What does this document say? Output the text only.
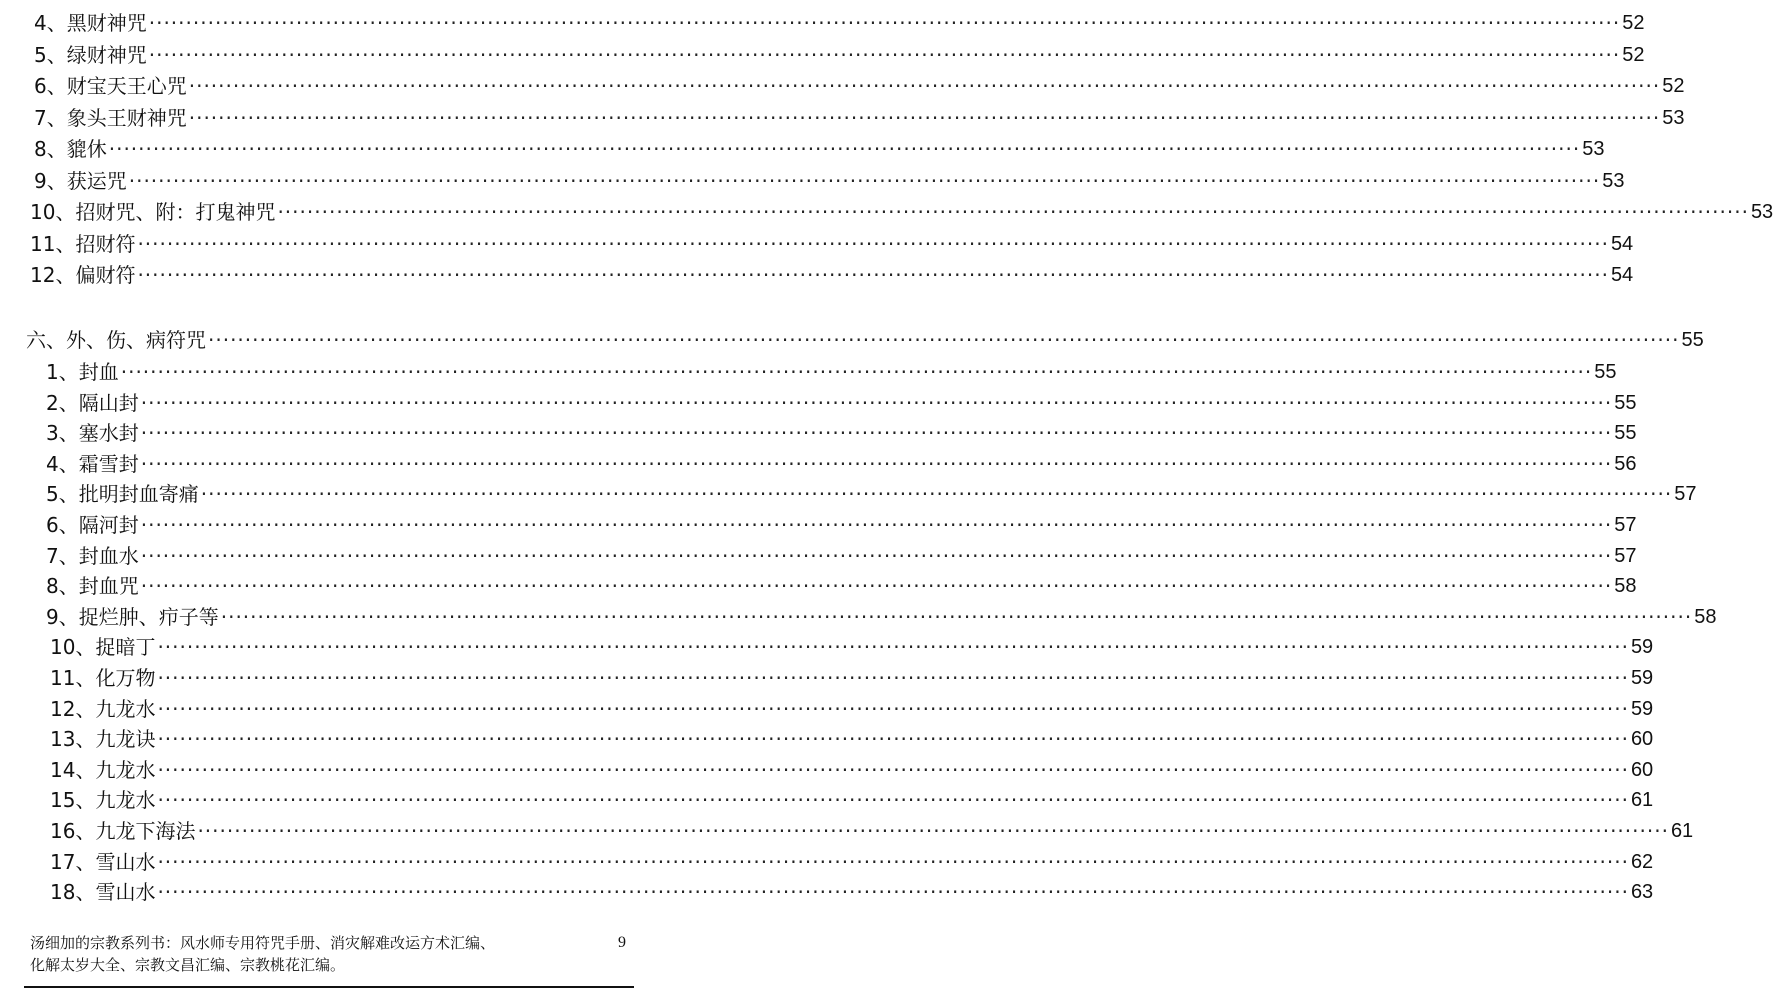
4、黑财神咒 ········································································································································································································ 52
5、绿财神咒 ········································································································································································································ 52
6、财宝天王心咒 ········································································································································································································ 52
7、象头王财神咒 ········································································································································································································ 53
8、貔休 ········································································································································································································ 53
9、获运咒 ········································································································································································································ 53
10、招财咒、附：打鬼神咒 ········································································································································································································ 53
11、招财符 ········································································································································································································ 54
12、偏财符 ········································································································································································································ 54
六、外、伤、病符咒 ········································································································································································································ 55
1、封血 ········································································································································································································ 55
2、隔山封 ········································································································································································································ 55
3、塞水封 ········································································································································································································ 55
4、霜雪封 ········································································································································································································ 56
5、批明封血寄痛 ········································································································································································································ 57
6、隔河封 ········································································································································································································ 57
7、封血水 ········································································································································································································ 57
8、封血咒 ········································································································································································································ 58
9、捉烂肿、疖子等 ········································································································································································································ 58
10、捉暗丁 ········································································································································································································ 59
11、化万物 ········································································································································································································ 59
12、九龙水 ········································································································································································································ 59
13、九龙诀 ········································································································································································································ 60
14、九龙水 ········································································································································································································ 60
15、九龙水 ········································································································································································································ 61
16、九龙下海法 ········································································································································································································ 61
17、雪山水 ········································································································································································································ 62
18、雪山水 ········································································································································································································ 63
汤细加的宗教系列书：风水师专用符咒手册、消灾解难改运方术汇编、
化解太岁大全、宗教文昌汇编、宗教桃花汇编。
9
